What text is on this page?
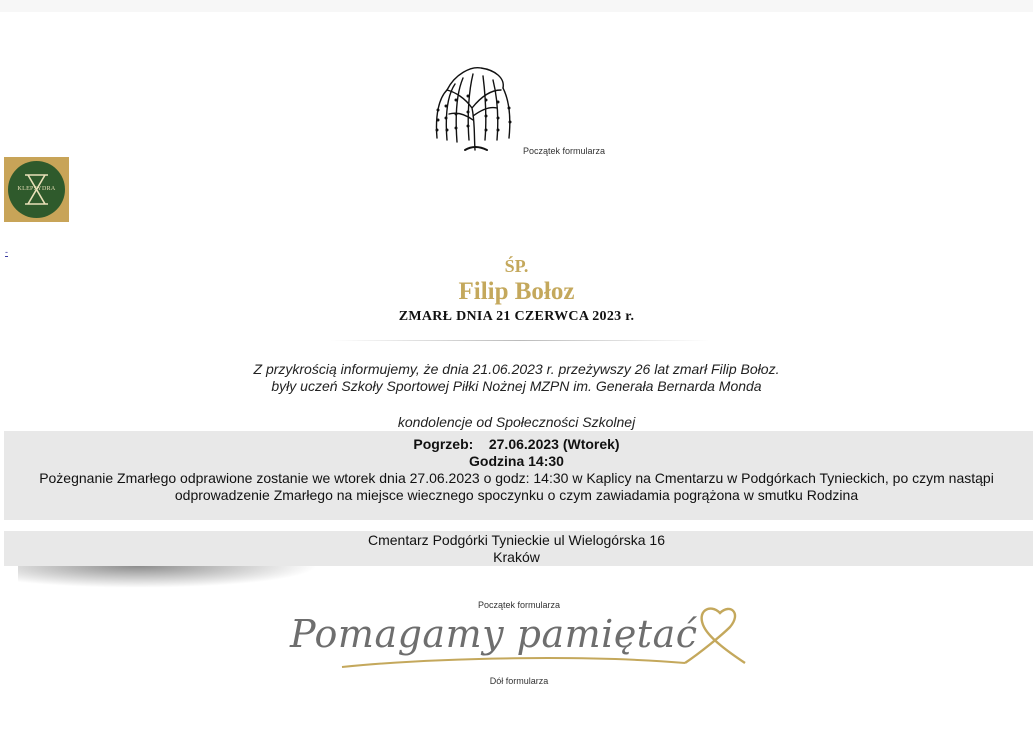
Początek formularza
KLEPSYDRA
-
ŚP.
Filip Bołoz
ZMARŁ DNIA 21 CZERWCA 2023 r.
Z przykrością informujemy, że dnia 21.06.2023 r. przeżywszy 26 lat zmarł Filip Bołoz.
były uczeń Szkoły Sportowej Piłki Nożnej MZPN im. Generała Bernarda Monda
kondolencje od Społeczności Szkolnej
Pogrzeb:    27.06.2023 (Wtorek)
Godzina 14:30
Pożegnanie Zmarłego odprawione zostanie we wtorek dnia 27.06.2023 o godz: 14:30 w Kaplicy na Cmentarzu w Podgórkach Tynieckich, po czym nastąpi odprowadzenie Zmarłego na miejsce wiecznego spoczynku o czym zawiadamia pogrążona w smutku Rodzina
Cmentarz Podgórki Tynieckie ul Wielogórska 16
Kraków
Początek formularza
Pomagamy pamiętać
Dół formularza
